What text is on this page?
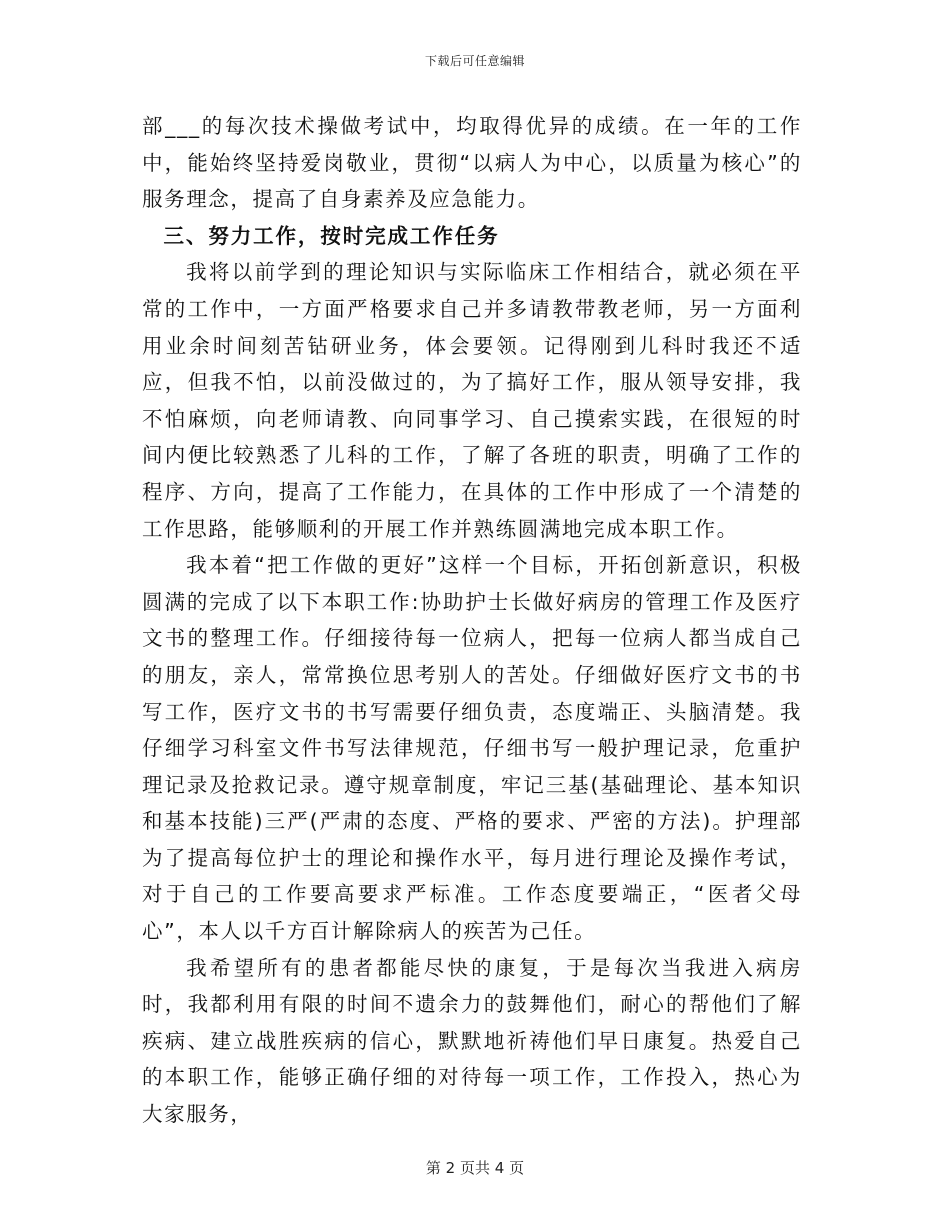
下载后可任意编辑

部___的每次技术操做考试中，均取得优异的成绩。在一年的工作中，能始终坚持爱岗敬业，贯彻“以病人为中心，以质量为核心”的服务理念，提高了自身素养及应急能力。

三、努力工作，按时完成工作任务

我将以前学到的理论知识与实际临床工作相结合，就必须在平常的工作中，一方面严格要求自己并多请教带教老师，另一方面利用业余时间刻苦钻研业务，体会要领。记得刚到儿科时我还不适应，但我不怕，以前没做过的，为了搞好工作，服从领导安排，我不怕麻烦，向老师请教、向同事学习、自己摸索实践，在很短的时间内便比较熟悉了儿科的工作，了解了各班的职责，明确了工作的程序、方向，提高了工作能力，在具体的工作中形成了一个清楚的工作思路，能够顺利的开展工作并熟练圆满地完成本职工作。

我本着“把工作做的更好”这样一个目标，开拓创新意识，积极圆满的完成了以下本职工作:协助护士长做好病房的管理工作及医疗文书的整理工作。仔细接待每一位病人，把每一位病人都当成自己的朋友，亲人，常常换位思考别人的苦处。仔细做好医疗文书的书写工作，医疗文书的书写需要仔细负责，态度端正、头脑清楚。我仔细学习科室文件书写法律规范，仔细书写一般护理记录，危重护理记录及抢救记录。遵守规章制度，牢记三基(基础理论、基本知识和基本技能)三严(严肃的态度、严格的要求、严密的方法)。护理部为了提高每位护士的理论和操作水平，每月进行理论及操作考试，对于自己的工作要高要求严标准。工作态度要端正，“医者父母心”，本人以千方百计解除病人的疾苦为己任。

我希望所有的患者都能尽快的康复，于是每次当我进入病房时，我都利用有限的时间不遗余力的鼓舞他们，耐心的帮他们了解疾病、建立战胜疾病的信心，默默地祈祷他们早日康复。热爱自己的本职工作，能够正确仔细的对待每一项工作，工作投入，热心为大家服务，

第 2 页共 4 页
